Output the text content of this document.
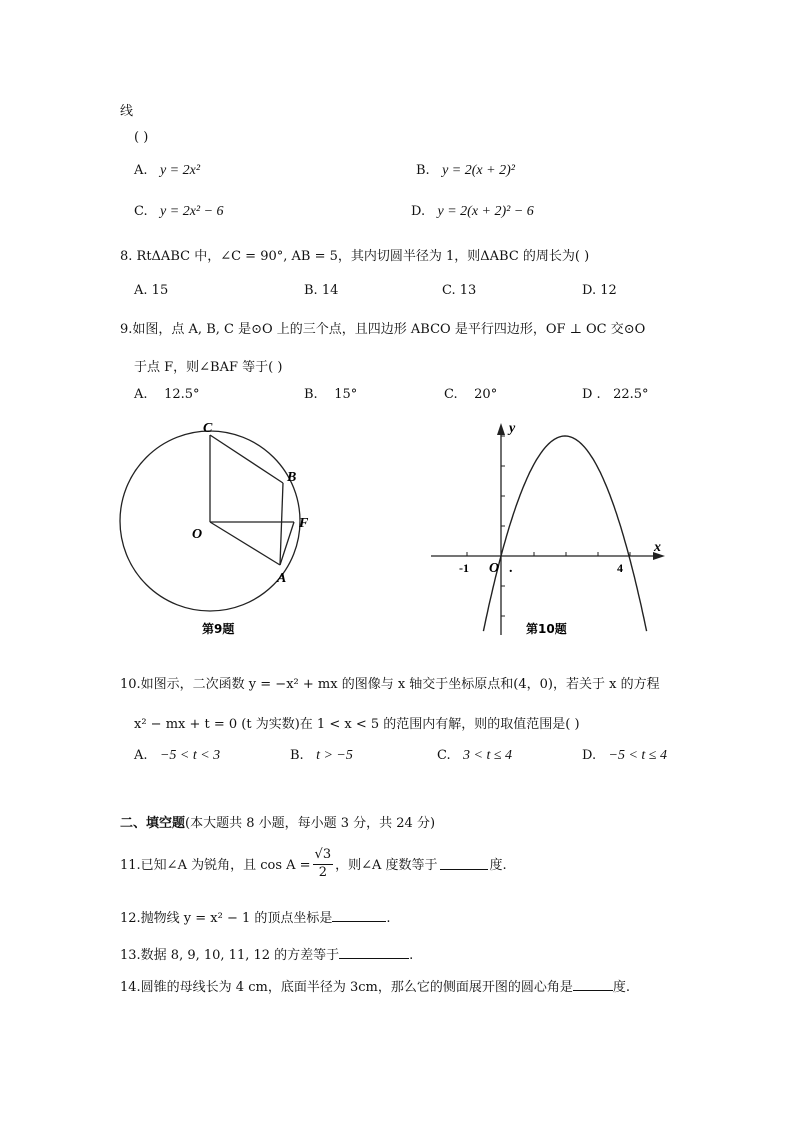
线
( )
A. y = 2x²	B. y = 2(x + 2)²
C. y = 2x² − 6	D. y = 2(x + 2)² − 6
8. RtΔABC 中，∠C = 90°, AB = 5，其内切圆半径为 1，则ΔABC 的周长为( )
A. 15	B. 14	C. 13	D. 12
9.如图，点 A, B, C 是⊙O 上的三个点，且四边形 ABCO 是平行四边形，OF ⊥ OC 交⊙O
于点 F，则∠BAF 等于( )
A. 12.5°	B. 15°	C. 20°	D . 22.5°
C
B
O
F
A
第9题
y
x
-1 O .	4
第10题
10.如图示，二次函数 y = −x² + mx 的图像与 x 轴交于坐标原点和(4，0)，若关于 x 的方程
x² − mx + t = 0 (t 为实数)在 1 < x < 5 的范围内有解，则的取值范围是( )
A. −5 < t < 3	B. t > −5	C. 3 < t ≤ 4	D. −5 < t ≤ 4
二、填空题(本大题共 8 小题，每小题 3 分，共 24 分)
11.已知∠A 为锐角，且 $\cos A = \frac{√3}{2}$ ，则∠A 度数等于	度.
12.抛物线 y = x² − 1 的顶点坐标是	.
13.数据 8, 9, 10, 11, 12 的方差等于	.
14.圆锥的母线长为 4 cm，底面半径为 3cm，那么它的侧面展开图的圆心角是	度.
